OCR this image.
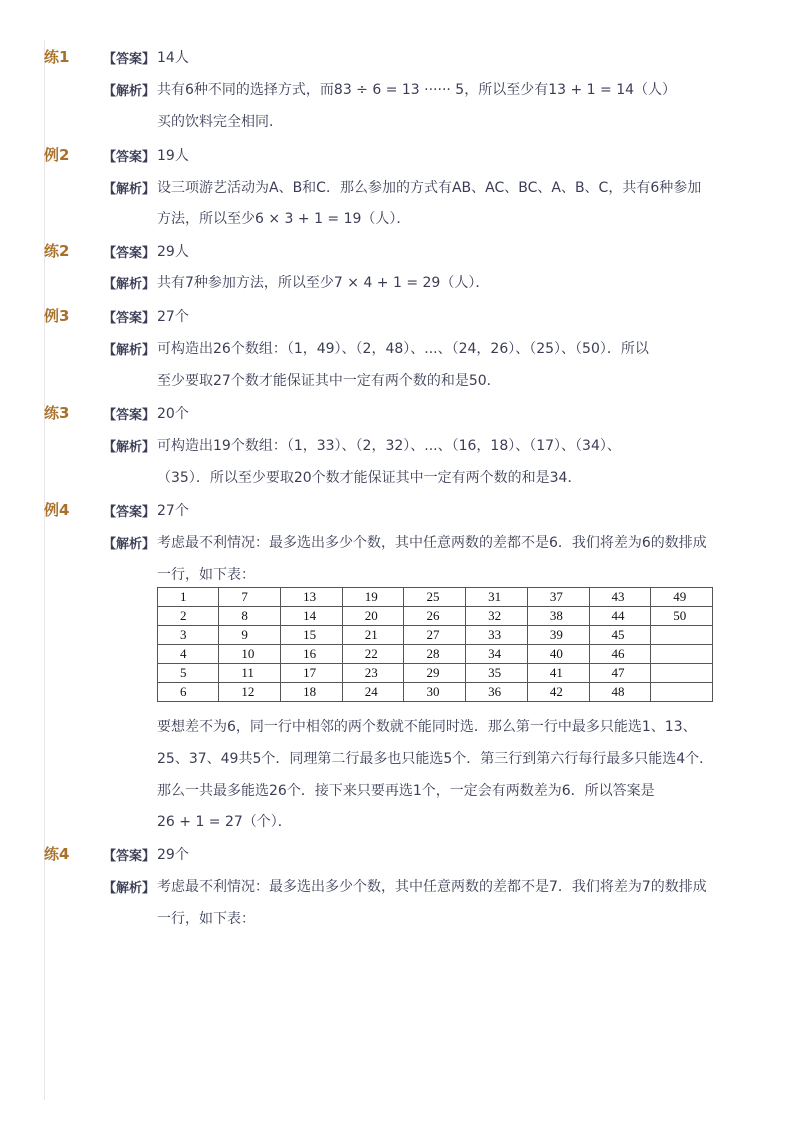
练1	【答案】 14人
【解析】 共有6种不同的选择方式，而83 ÷ 6 = 13 ······ 5，所以至少有13 + 1 = 14（人）
买的饮料完全相同．
例2	【答案】 19人
【解析】 设三项游艺活动为A、B和C．那么参加的方式有AB、AC、BC、A、B、C，共有6种参加
方法，所以至少6 × 3 + 1 = 19（人）．
练2	【答案】 29人
【解析】 共有7种参加方法，所以至少7 × 4 + 1 = 29（人）．
例3	【答案】 27个
【解析】 可构造出26个数组：（1，49）、（2，48）、...、（24，26）、（25）、（50）．所以
至少要取27个数才能保证其中一定有两个数的和是50．
练3	【答案】 20个
【解析】 可构造出19个数组：（1，33）、（2，32）、...、（16，18）、（17）、（34）、
（35）．所以至少要取20个数才能保证其中一定有两个数的和是34．
例4	【答案】 27个
【解析】 考虑最不利情况：最多选出多少个数，其中任意两数的差都不是6．我们将差为6的数排成
一行，如下表：
1	7	13	19	25	31	37	43	49
2	8	14	20	26	32	38	44	50
3	9	15	21	27	33	39	45	
4	10	16	22	28	34	40	46	
5	11	17	23	29	35	41	47	
6	12	18	24	30	36	42	48	
要想差不为6，同一行中相邻的两个数就不能同时选．那么第一行中最多只能选1、13、
25、37、49共5个．同理第二行最多也只能选5个．第三行到第六行每行最多只能选4个．
那么一共最多能选26个．接下来只要再选1个，一定会有两数差为6．所以答案是
26 + 1 = 27（个）．
练4	【答案】 29个
【解析】 考虑最不利情况：最多选出多少个数，其中任意两数的差都不是7．我们将差为7的数排成
一行，如下表：
